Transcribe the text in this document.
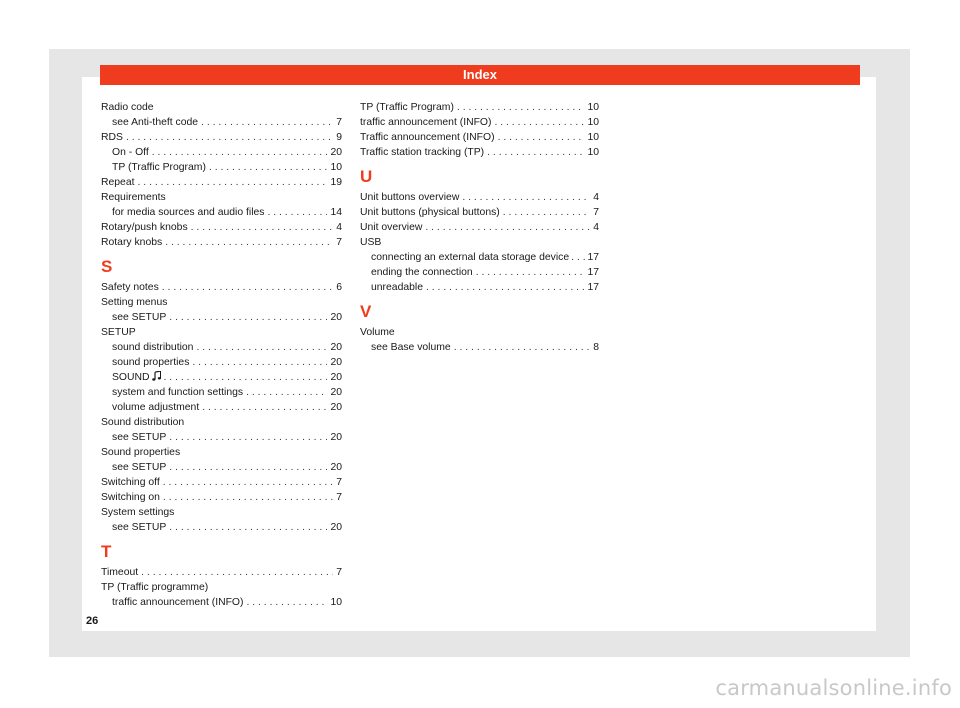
Index
Radio code
see Anti-theft code . . .	7
RDS . . .	9
On - Off . . .	20
TP (Traffic Program) . . .	10
Repeat . . .	19
Requirements
for media sources and audio files . . .	14
Rotary/push knobs . . .	4
Rotary knobs . . .	7
S
Safety notes . . .	6
Setting menus
see SETUP . . .	20
SETUP
sound distribution . . .	20
sound properties . . .	20
SOUND . . .	20
system and function settings . . .	20
volume adjustment . . .	20
Sound distribution
see SETUP . . .	20
Sound properties
see SETUP . . .	20
Switching off . . .	7
Switching on . . .	7
System settings
see SETUP . . .	20
T
Timeout . . .	7
TP (Traffic programme)
traffic announcement (INFO) . . .	10
TP (Traffic Program) . . .	10
traffic announcement (INFO) . . .	10
Traffic announcement (INFO) . . .	10
Traffic station tracking (TP) . . .	10
U
Unit buttons overview . . .	4
Unit buttons (physical buttons) . . .	7
Unit overview . . .	4
USB
connecting an external data storage device . . . 17
ending the connection . . .	17
unreadable . . .	17
V
Volume
see Base volume . . .	8
26
carmanualsonline.info
